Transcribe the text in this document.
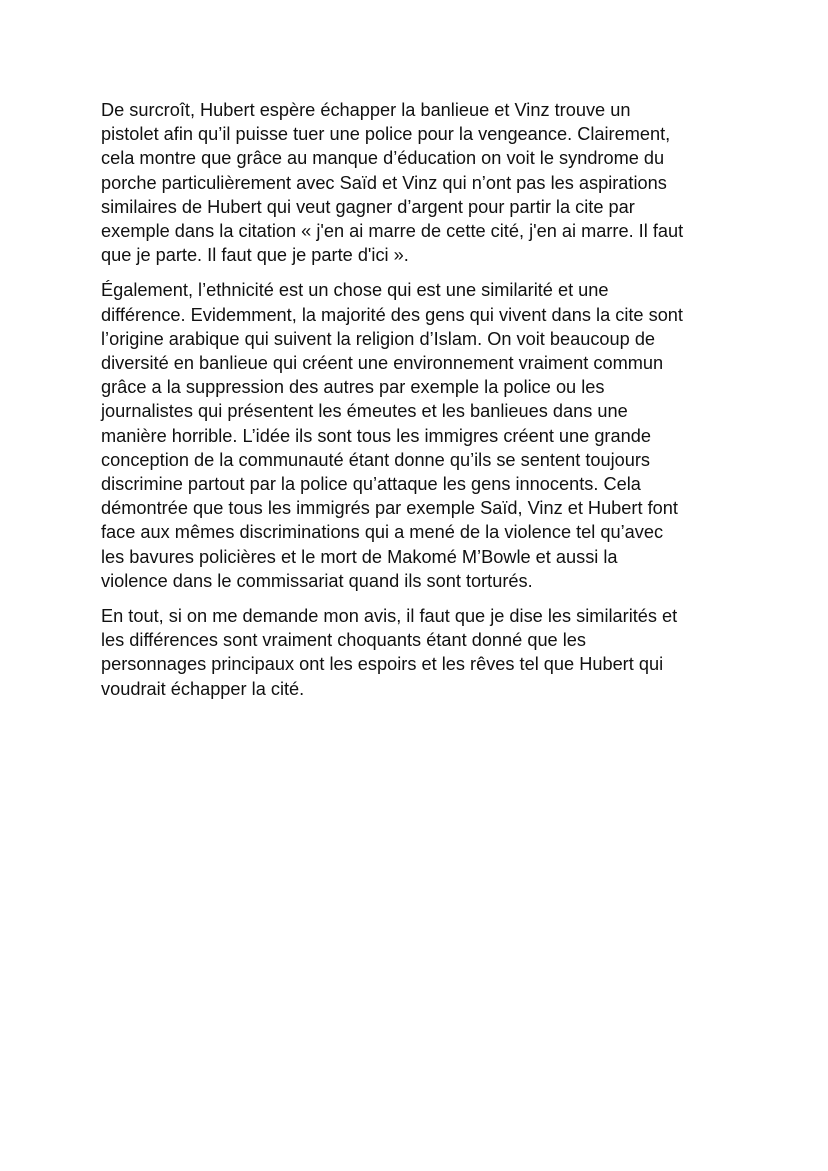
De surcroît, Hubert espère échapper la banlieue et Vinz trouve un
pistolet afin qu’il puisse tuer une police pour la vengeance. Clairement,
cela montre que grâce au manque d’éducation on voit le syndrome du
porche particulièrement avec Saïd et Vinz qui n’ont pas les aspirations
similaires de Hubert qui veut gagner d’argent pour partir la cite par
exemple dans la citation « j'en ai marre de cette cité, j'en ai marre. Il faut
que je parte. Il faut que je parte d'ici ».

Également, l’ethnicité est un chose qui est une similarité et une
différence. Evidemment, la majorité des gens qui vivent dans la cite sont
l’origine arabique qui suivent la religion d’Islam. On voit beaucoup de
diversité en banlieue qui créent une environnement vraiment commun
grâce a la suppression des autres par exemple la police ou les
journalistes qui présentent les émeutes et les banlieues dans une
manière horrible. L’idée ils sont tous les immigres créent une grande
conception de la communauté étant donne qu’ils se sentent toujours
discrimine partout par la police qu’attaque les gens innocents. Cela
démontrée que tous les immigrés par exemple Saïd, Vinz et Hubert font
face aux mêmes discriminations qui a mené de la violence tel qu’avec
les bavures policières et le mort de Makomé M’Bowle et aussi la
violence dans le commissariat quand ils sont torturés.

En tout, si on me demande mon avis, il faut que je dise les similarités et
les différences sont vraiment choquants étant donné que les
personnages principaux ont les espoirs et les rêves tel que Hubert qui
voudrait échapper la cité.
